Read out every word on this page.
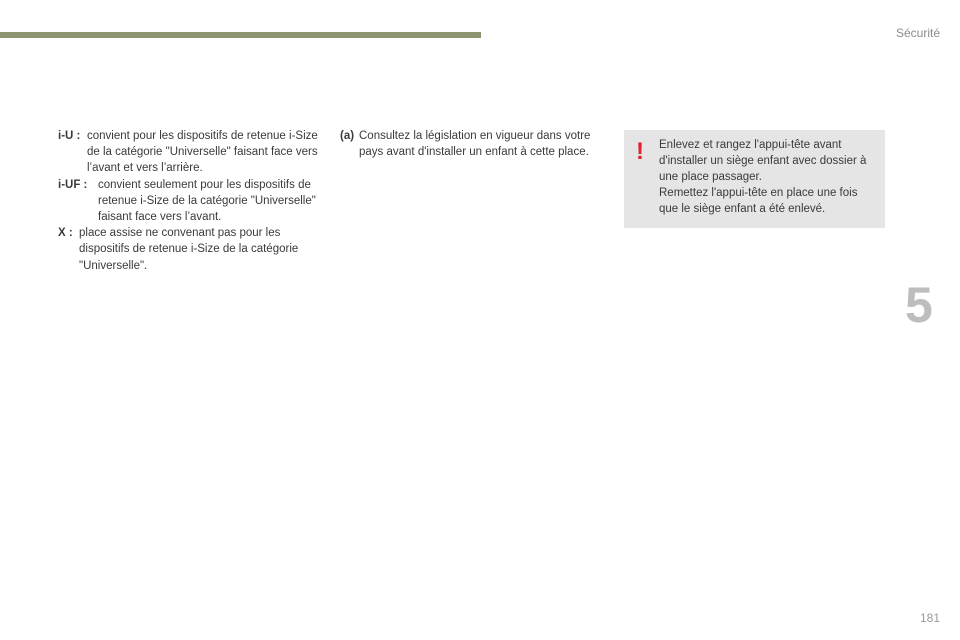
Sécurité
i-U : convient pour les dispositifs de retenue i-Size de la catégorie "Universelle" faisant face vers l’avant et vers l’arrière.
i-UF : convient seulement pour les dispositifs de retenue i-Size de la catégorie "Universelle" faisant face vers l’avant.
X : place assise ne convenant pas pour les dispositifs de retenue i-Size de la catégorie "Universelle".
(a) Consultez la législation en vigueur dans votre pays avant d'installer un enfant à cette place.	! Enlevez et rangez l'appui-tête avant d'installer un siège enfant avec dossier à une place passager.
Remettez l'appui-tête en place une fois que le siège enfant a été enlevé.
5
181
